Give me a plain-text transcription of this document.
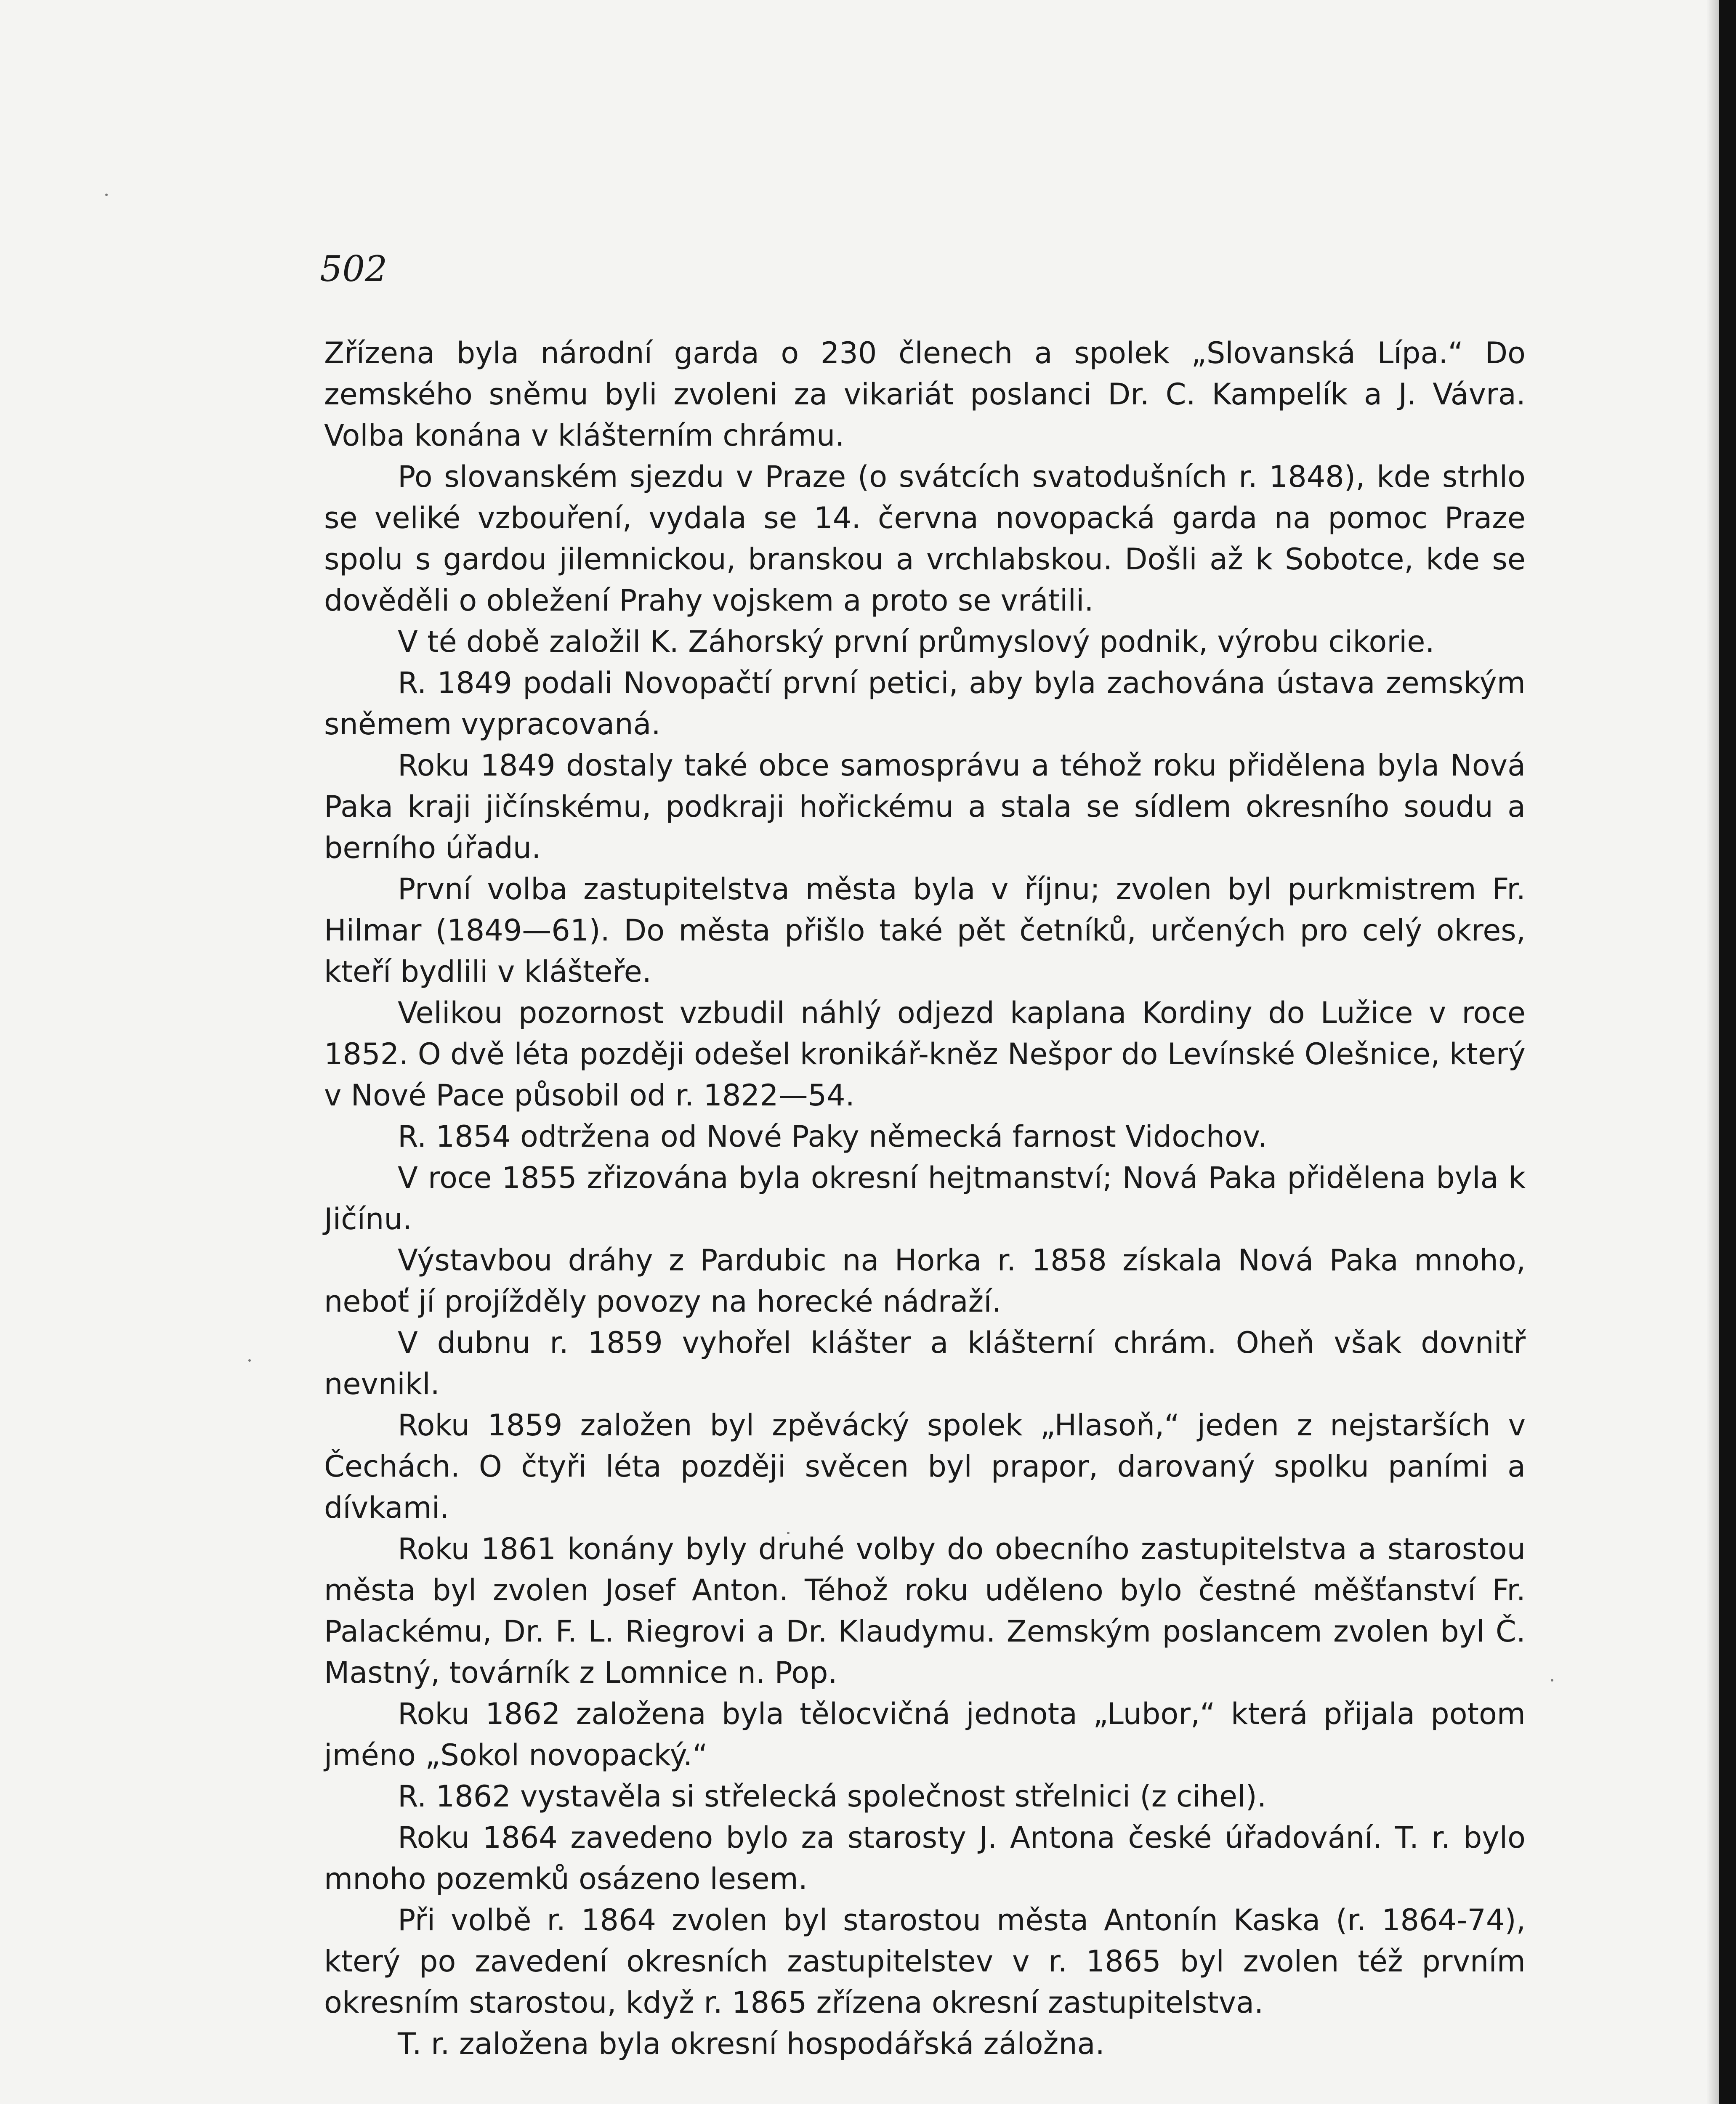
502

Zřízena byla národní garda o 230 členech a spolek „Slovanská Lípa.“ Do zemského sněmu byli zvoleni za vikariát poslanci Dr. C. Kampelík a J. Vávra. Volba konána v klášterním chrámu.

Po slovanském sjezdu v Praze (o svátcích svatodušních r. 1848), kde strhlo se veliké vzbouření, vydala se 14. června novopacká garda na pomoc Praze spolu s gardou jilemnickou, branskou a vrchlabskou. Došli až k Sobotce, kde se dověděli o obležení Prahy vojskem a proto se vrátili.

V té době založil K. Záhorský první průmyslový podnik, výrobu cikorie.

R. 1849 podali Novopačtí první petici, aby byla zachována ústava zemským sněmem vypracovaná.

Roku 1849 dostaly také obce samosprávu a téhož roku přidělena byla Nová Paka kraji jičínskému, podkraji hořickému a stala se sídlem okresního soudu a berního úřadu.

První volba zastupitelstva města byla v říjnu; zvolen byl purkmistrem Fr. Hilmar (1849—61). Do města přišlo také pět četníků, určených pro celý okres, kteří bydlili v klášteře.

Velikou pozornost vzbudil náhlý odjezd kaplana Kordiny do Lužice v roce 1852. O dvě léta později odešel kronikář-kněz Nešpor do Levínské Olešnice, který v Nové Pace působil od r. 1822—54.

R. 1854 odtržena od Nové Paky německá farnost Vidochov.

V roce 1855 zřizována byla okresní hejtmanství; Nová Paka přidělena byla k Jičínu.

Výstavbou dráhy z Pardubic na Horka r. 1858 získala Nová Paka mnoho, neboť jí projížděly povozy na horecké nádraží.

V dubnu r. 1859 vyhořel klášter a klášterní chrám. Oheň však dovnitř nevnikl.

Roku 1859 založen byl zpěvácký spolek „Hlasoň,“ jeden z nejstarších v Čechách. O čtyři léta později svěcen byl prapor, darovaný spolku paními a dívkami.

Roku 1861 konány byly druhé volby do obecního zastupitelstva a starostou města byl zvolen Josef Anton. Téhož roku uděleno bylo čestné měšťanství Fr. Palackému, Dr. F. L. Riegrovi a Dr. Klaudymu. Zemským poslancem zvolen byl Č. Mastný, továrník z Lomnice n. Pop.

Roku 1862 založena byla tělocvičná jednota „Lubor,“ která přijala potom jméno „Sokol novopacký.“

R. 1862 vystavěla si střelecká společnost střelnici (z cihel).

Roku 1864 zavedeno bylo za starosty J. Antona české úřadování. T. r. bylo mnoho pozemků osázeno lesem.

Při volbě r. 1864 zvolen byl starostou města Antonín Kaska (r. 1864-74), který po zavedení okresních zastupitelstev v r. 1865 byl zvolen též prvním okresním starostou, když r. 1865 zřízena okresní zastupitelstva.

T. r. založena byla okresní hospodářská záložna.
